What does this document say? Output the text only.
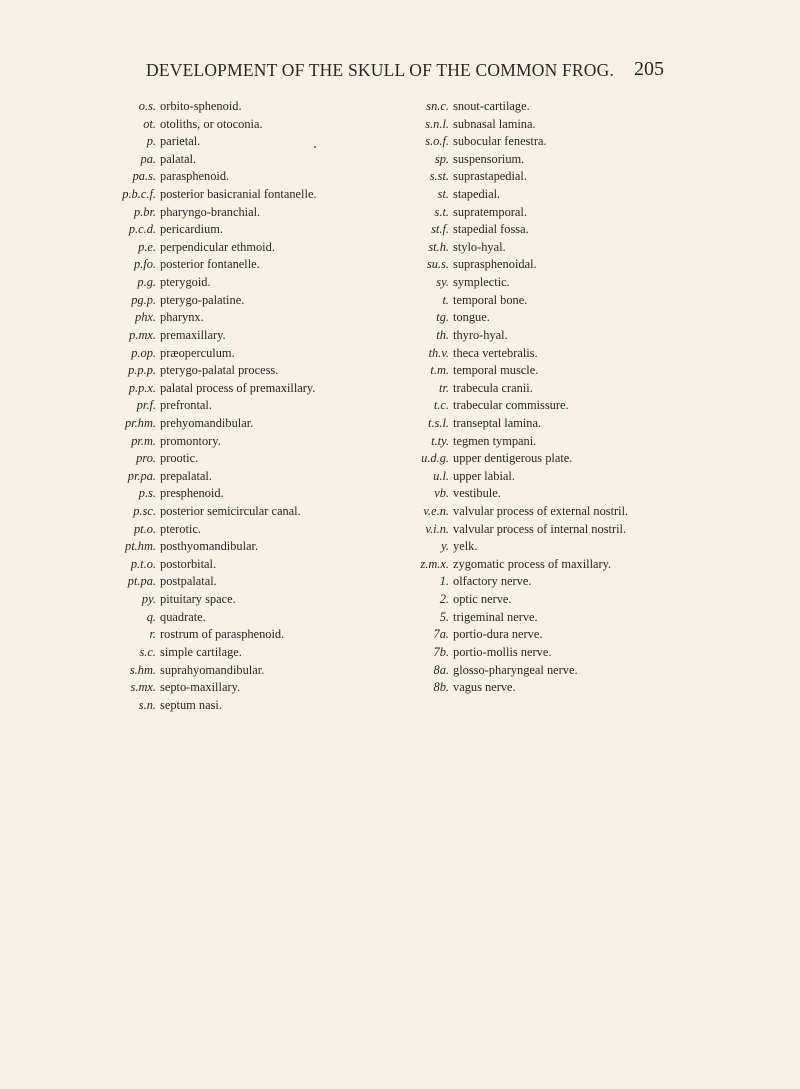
DEVELOPMENT OF THE SKULL OF THE COMMON FROG. 205
o.s. orbito-sphenoid.
ot. otoliths, or otoconia.
p. parietal.
pa. palatal.
pa.s. parasphenoid.
p.b.c.f. posterior basicranial fontanelle.
p.br. pharyngo-branchial.
p.c.d. pericardium.
p.e. perpendicular ethmoid.
p.fo. posterior fontanelle.
p.g. pterygoid.
pg.p. pterygo-palatine.
phx. pharynx.
p.mx. premaxillary.
p.op. præoperculum.
p.p.p. pterygo-palatal process.
p.p.x. palatal process of premaxillary.
pr.f. prefrontal.
pr.hm. prehyomandibular.
pr.m. promontory.
pro. prootic.
pr.pa. prepalatal.
p.s. presphenoid.
p.sc. posterior semicircular canal.
pt.o. pterotic.
pt.hm. posthyomandibular.
p.t.o. postorbital.
pt.pa. postpalatal.
py. pituitary space.
q. quadrate.
r. rostrum of parasphenoid.
s.c. simple cartilage.
s.hm. suprahyomandibular.
s.mx. septo-maxillary.
s.n. septum nasi.
sn.c. snout-cartilage.
s.n.l. subnasal lamina.
s.o.f. subocular fenestra.
sp. suspensorium.
s.st. suprastapedial.
st. stapedial.
s.t. supratemporal.
st.f. stapedial fossa.
st.h. stylo-hyal.
su.s. suprasphenoidal.
sy. symplectic.
t. temporal bone.
tg. tongue.
th. thyro-hyal.
th.v. theca vertebralis.
t.m. temporal muscle.
tr. trabecula cranii.
t.c. trabecular commissure.
t.s.l. transeptal lamina.
t.ty. tegmen tympani.
u.d.g. upper dentigerous plate.
u.l. upper labial.
vb. vestibule.
v.e.n. valvular process of external nostril.
v.i.n. valvular process of internal nostril.
y. yelk.
z.m.x. zygomatic process of maxillary.
1. olfactory nerve.
2. optic nerve.
5. trigeminal nerve.
7a. portio-dura nerve.
7b. portio-mollis nerve.
8a. glosso-pharyngeal nerve.
8b. vagus nerve.
